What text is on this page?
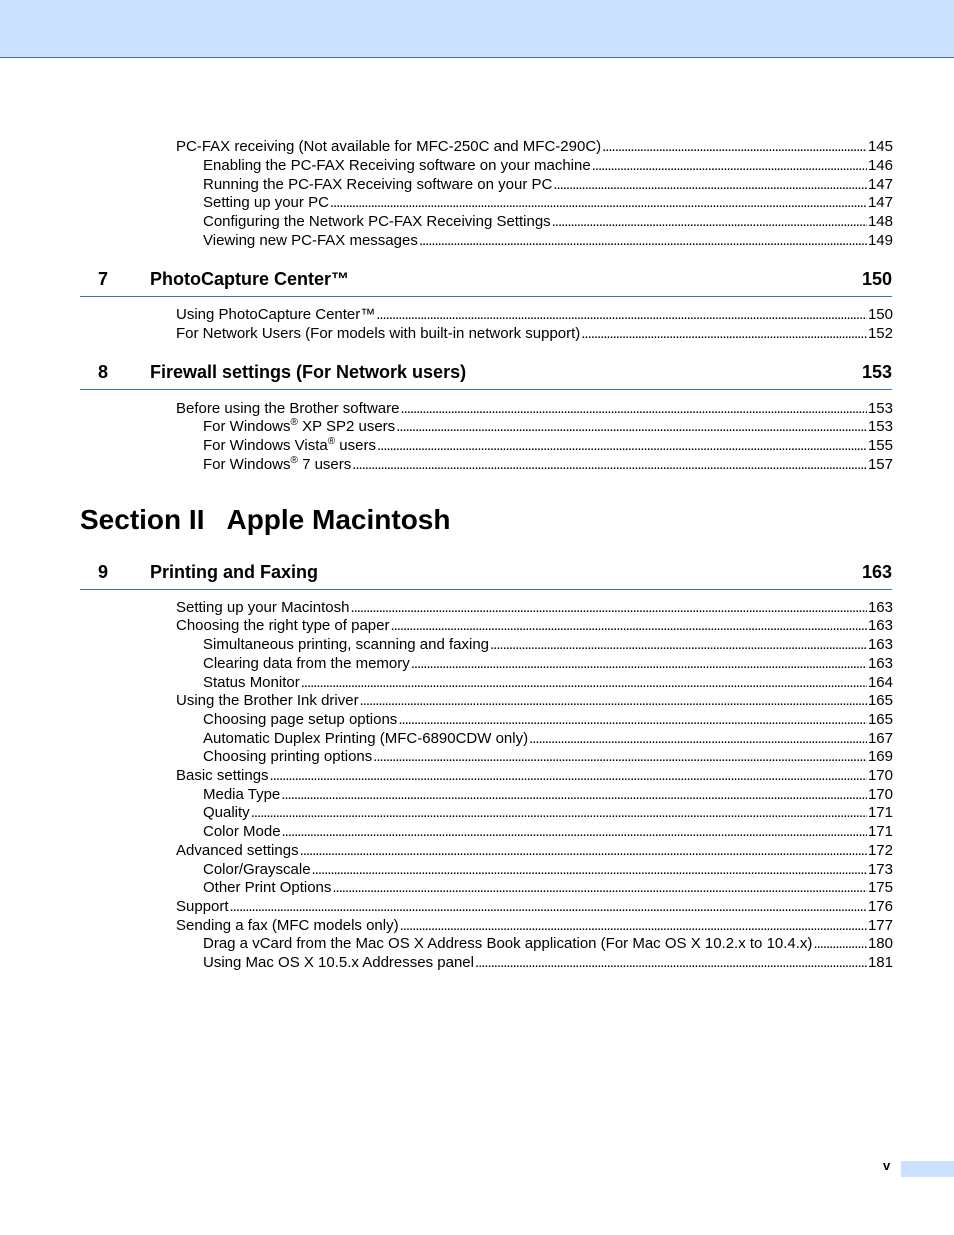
PC-FAX receiving (Not available for MFC-250C and MFC-290C) . . .	145
Enabling the PC-FAX Receiving software on your machine . . .	146
Running the PC-FAX Receiving software on your PC . . .	147
Setting up your PC . . .	147
Configuring the Network PC-FAX Receiving Settings . . .	148
Viewing new PC-FAX messages . . .	149
7 PhotoCapture Center™	150
Using PhotoCapture Center™ . . .	150
For Network Users (For models with built-in network support) . . .	152
8 Firewall settings (For Network users)	153
Before using the Brother software . . .	153
For Windows® XP SP2 users . . .	153
For Windows Vista® users . . .	155
For Windows® 7 users . . .	157
9 Printing and Faxing	163
Setting up your Macintosh . . .	163
Choosing the right type of paper . . .	163
Simultaneous printing, scanning and faxing . . .	163
Clearing data from the memory . . .	163
Status Monitor . . .	164
Using the Brother Ink driver . . .	165
Choosing page setup options . . .	165
Automatic Duplex Printing (MFC-6890CDW only) . . .	167
Choosing printing options . . .	169
Basic settings . . .	170
Media Type . . .	170
Quality . . .	171
Color Mode . . .	171
Advanced settings . . .	172
Color/Grayscale . . .	173
Other Print Options . . .	175
Support . . .	176
Sending a fax (MFC models only) . . .	177
Drag a vCard from the Mac OS X Address Book application (For Mac OS X 10.2.x to 10.4.x) . . .	180
Using Mac OS X 10.5.x Addresses panel . . .	181
Section II Apple Macintosh
v
